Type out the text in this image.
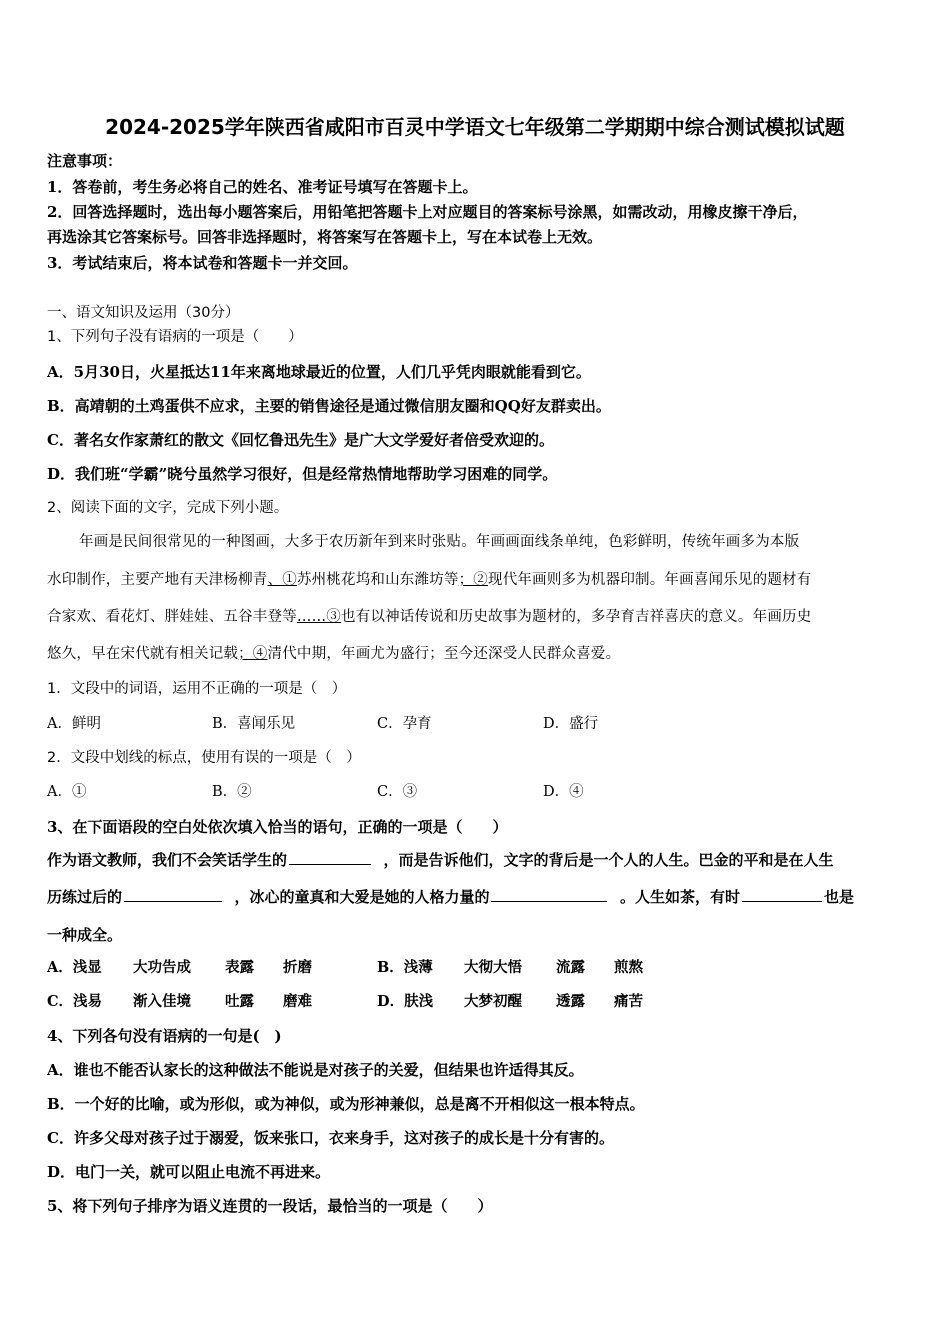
2024-2025学年陕西省咸阳市百灵中学语文七年级第二学期期中综合测试模拟试题
注意事项：
1．答卷前，考生务必将自己的姓名、准考证号填写在答题卡上。
2．回答选择题时，选出每小题答案后，用铅笔把答题卡上对应题目的答案标号涂黑，如需改动，用橡皮擦干净后，
再选涂其它答案标号。回答非选择题时，将答案写在答题卡上，写在本试卷上无效。
3．考试结束后，将本试卷和答题卡一并交回。
一、语文知识及运用（30分）
1、下列句子没有语病的一项是（　　）
A．5月30日，火星抵达11年来离地球最近的位置，人们几乎凭肉眼就能看到它。
B．高靖朝的土鸡蛋供不应求，主要的销售途径是通过微信朋友圈和QQ好友群卖出。
C．著名女作家萧红的散文《回忆鲁迅先生》是广大文学爱好者倍受欢迎的。
D．我们班“学霸”晓兮虽然学习很好，但是经常热情地帮助学习困难的同学。
2、阅读下面的文字，完成下列小题。
年画是民间很常见的一种图画，大多于农历新年到来时张贴。年画画面线条单纯，色彩鲜明，传统年画多为本版
水印制作，主要产地有天津杨柳青、①苏州桃花坞和山东潍坊等；②现代年画则多为机器印制。年画喜闻乐见的题材有
合家欢、看花灯、胖娃娃、五谷丰登等……③也有以神话传说和历史故事为题材的，多孕育吉祥喜庆的意义。年画历史
悠久，早在宋代就有相关记载；④清代中期，年画尤为盛行；至今还深受人民群众喜爱。
1．文段中的词语，运用不正确的一项是（　）
A．鲜明	B．喜闻乐见	C．孕育	D．盛行
2．文段中划线的标点，使用有误的一项是（　）
A．①	B．②	C．③	D．④
3、在下面语段的空白处依次填入恰当的语句，正确的一项是（　　）
作为语文教师，我们不会笑话学生的	，而是告诉他们，文字的背后是一个人的人生。巴金的平和是在人生
历练过后的	，冰心的童真和大爱是她的人格力量的	。人生如茶，有时	也是
一种成全。
A．浅显 大功告成 表露 折磨	B．浅薄 大彻大悟 流露 煎熬
C．浅易 渐入佳境 吐露 磨难	D．肤浅 大梦初醒 透露 痛苦
4、下列各句没有语病的一句是(　)
A．谁也不能否认家长的这种做法不能说是对孩子的关爱，但结果也许适得其反。
B．一个好的比喻，或为形似，或为神似，或为形神兼似，总是离不开相似这一根本特点。
C．许多父母对孩子过于溺爱，饭来张口，衣来身手，这对孩子的成长是十分有害的。
D．电门一关，就可以阻止电流不再进来。
5、将下列句子排序为语义连贯的一段话，最恰当的一项是（　　）
